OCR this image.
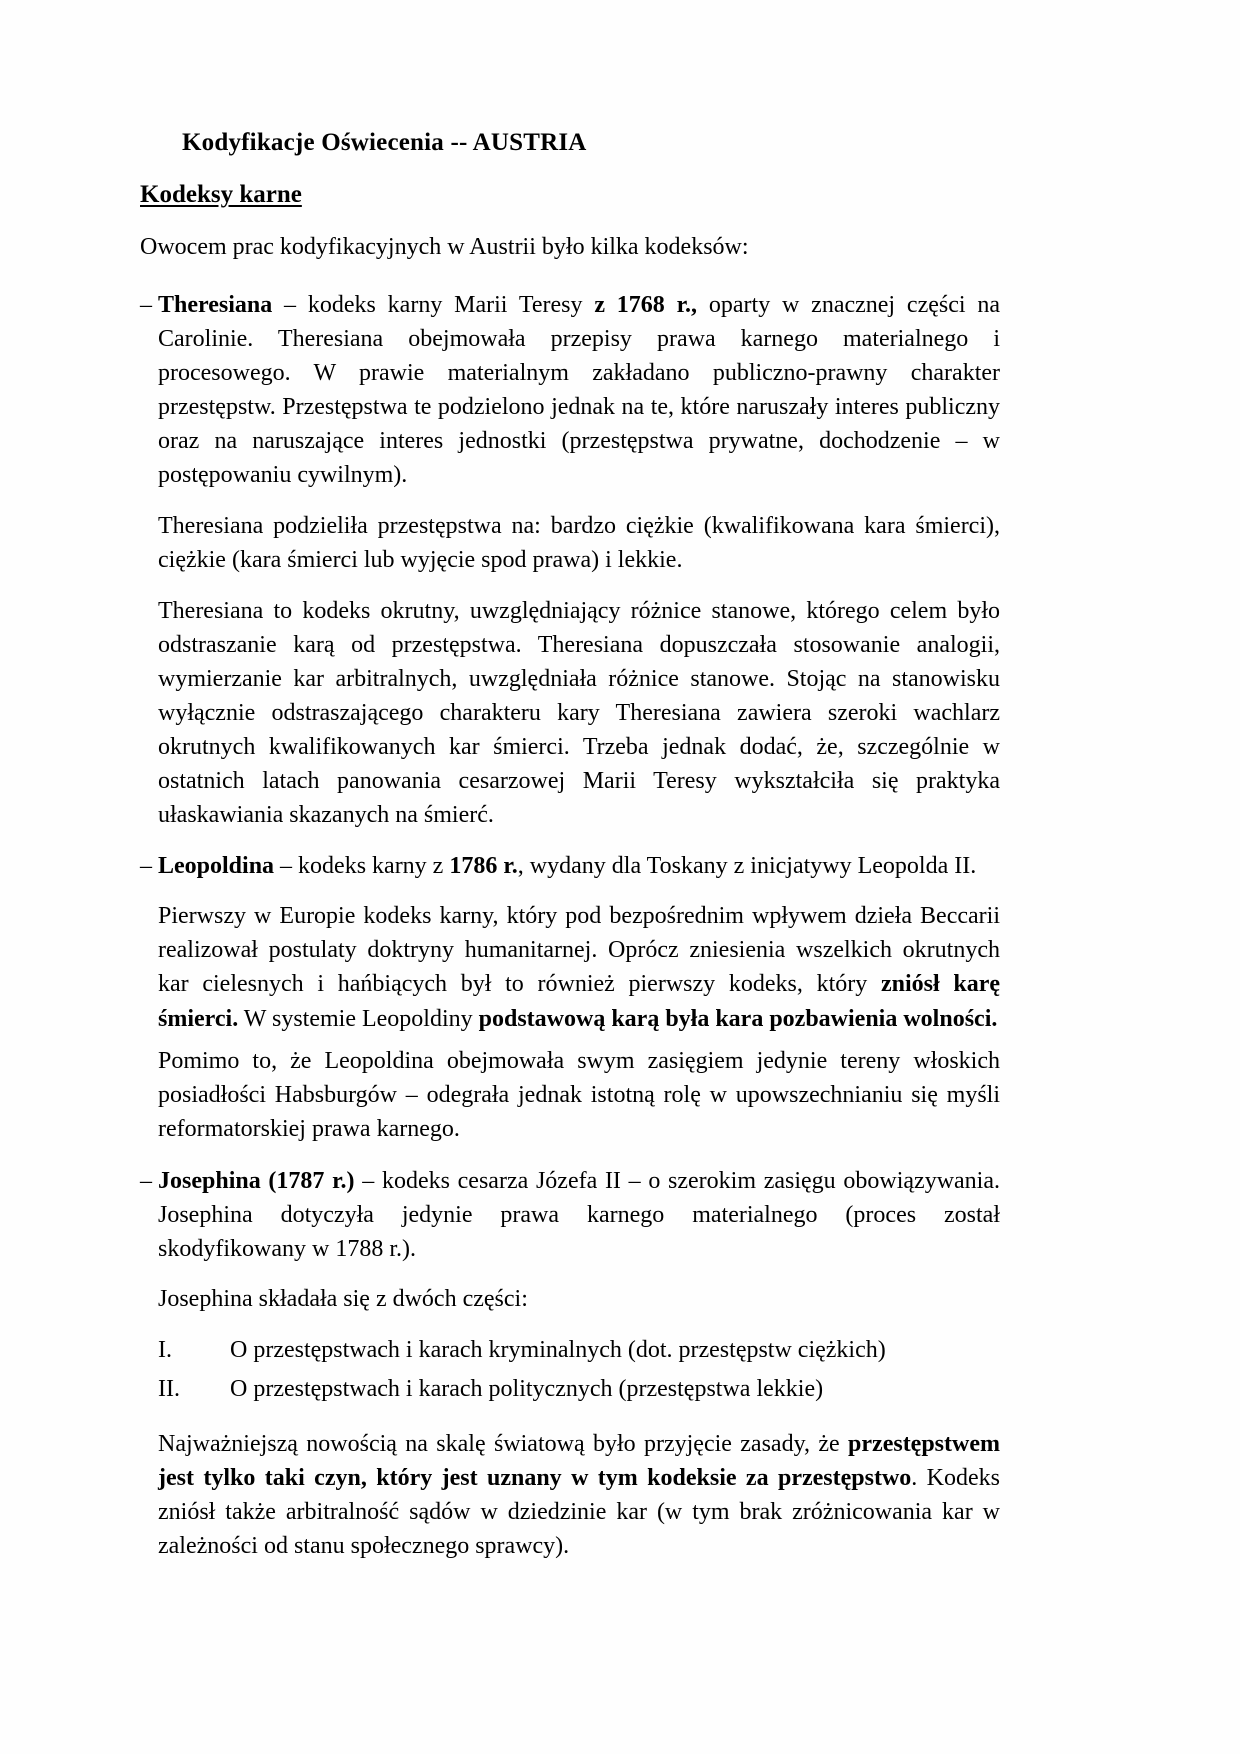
Kodyfikacje Oświecenia -- AUSTRIA
Kodeksy karne

Owocem prac kodyfikacyjnych w Austrii było kilka kodeksów:

– Theresiana – kodeks karny Marii Teresy z 1768 r., oparty w znacznej części na Carolinie. Theresiana obejmowała przepisy prawa karnego materialnego i procesowego. W prawie materialnym zakładano publiczno-prawny charakter przestępstw. Przestępstwa te podzielono jednak na te, które naruszały interes publiczny oraz na naruszające interes jednostki (przestępstwa prywatne, dochodzenie – w postępowaniu cywilnym).

Theresiana podzieliła przestępstwa na: bardzo ciężkie (kwalifikowana kara śmierci), ciężkie (kara śmierci lub wyjęcie spod prawa) i lekkie.

Theresiana to kodeks okrutny, uwzględniający różnice stanowe, którego celem było odstraszanie karą od przestępstwa. Theresiana dopuszczała stosowanie analogii, wymierzanie kar arbitralnych, uwzględniała różnice stanowe. Stojąc na stanowisku wyłącznie odstraszającego charakteru kary Theresiana zawiera szeroki wachlarz okrutnych kwalifikowanych kar śmierci. Trzeba jednak dodać, że, szczególnie w ostatnich latach panowania cesarzowej Marii Teresy wykształciła się praktyka ułaskawiania skazanych na śmierć.

– Leopoldina – kodeks karny z 1786 r., wydany dla Toskany z inicjatywy Leopolda II.

Pierwszy w Europie kodeks karny, który pod bezpośrednim wpływem dzieła Beccarii realizował postulaty doktryny humanitarnej. Oprócz zniesienia wszelkich okrutnych kar cielesnych i hańbiących był to również pierwszy kodeks, który zniósł karę śmierci. W systemie Leopoldiny podstawową karą była kara pozbawienia wolności.

Pomimo to, że Leopoldina obejmowała swym zasięgiem jedynie tereny włoskich posiadłości Habsburgów – odegrała jednak istotną rolę w upowszechnianiu się myśli reformatorskiej prawa karnego.

– Josephina (1787 r.) – kodeks cesarza Józefa II – o szerokim zasięgu obowiązywania. Josephina dotyczyła jedynie prawa karnego materialnego (proces został skodyfikowany w 1788 r.).

Josephina składała się z dwóch części:

I.	O przestępstwach i karach kryminalnych (dot. przestępstw ciężkich)
II.	O przestępstwach i karach politycznych (przestępstwa lekkie)

Najważniejszą nowością na skalę światową było przyjęcie zasady, że przestępstwem jest tylko taki czyn, który jest uznany w tym kodeksie za przestępstwo. Kodeks zniósł także arbitralność sądów w dziedzinie kar (w tym brak zróżnicowania kar w zależności od stanu społecznego sprawcy).
